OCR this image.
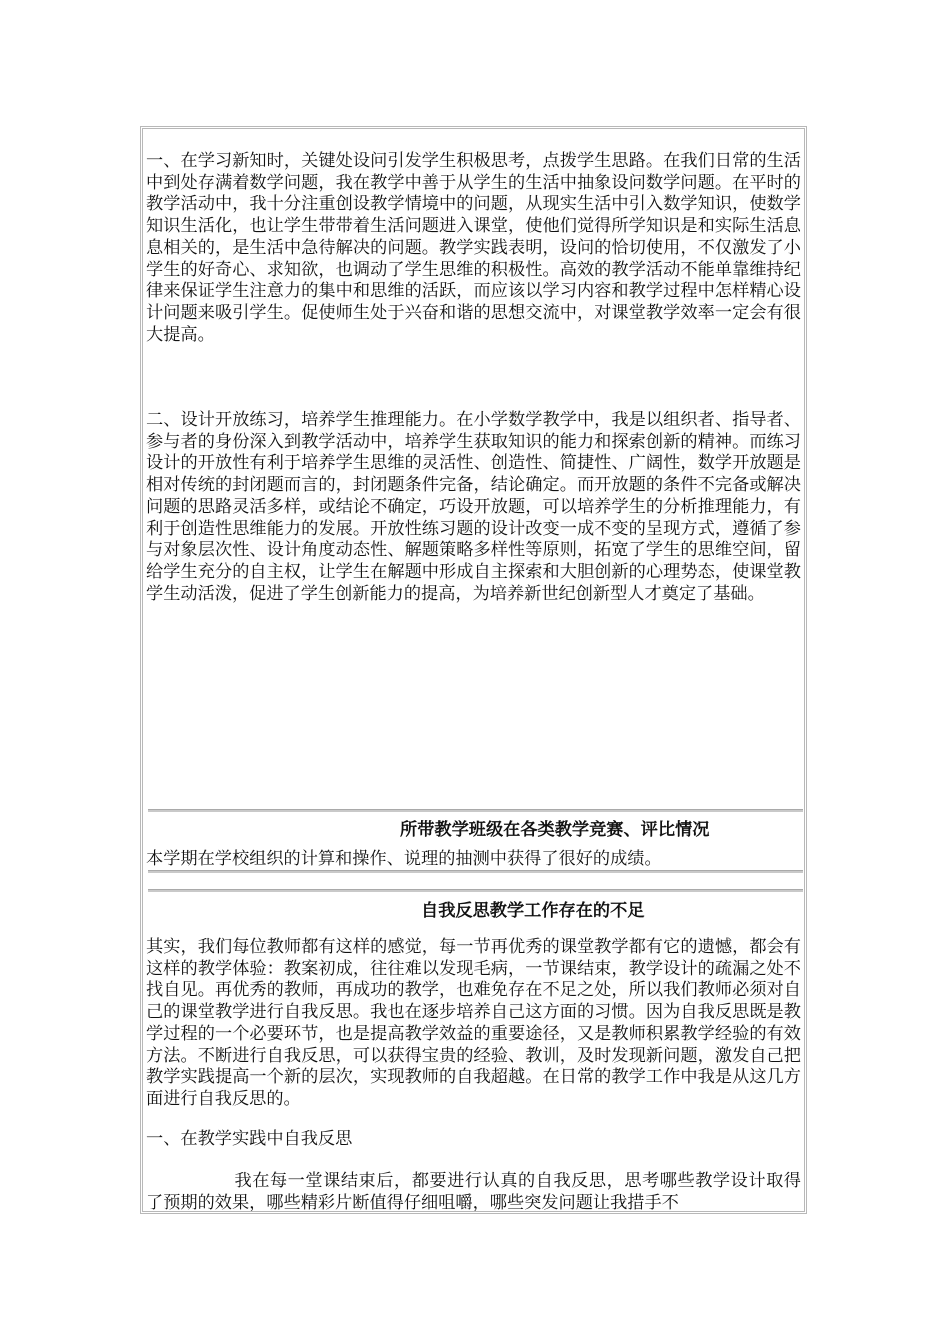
一、在学习新知时，关键处设问引发学生积极思考，点拨学生思路。在我们日常的生活中到处存满着数学问题，我在教学中善于从学生的生活中抽象设问数学问题。在平时的教学活动中，我十分注重创设教学情境中的问题，从现实生活中引入数学知识，使数学知识生活化，也让学生带带着生活问题进入课堂，使他们觉得所学知识是和实际生活息息相关的，是生活中急待解决的问题。教学实践表明，设问的恰切使用，不仅激发了小学生的好奇心、求知欲，也调动了学生思维的积极性。高效的教学活动不能单靠维持纪律来保证学生注意力的集中和思维的活跃，而应该以学习内容和教学过程中怎样精心设计问题来吸引学生。促使师生处于兴奋和谐的思想交流中，对课堂教学效率一定会有很大提高。

二、设计开放练习，培养学生推理能力。在小学数学教学中，我是以组织者、指导者、参与者的身份深入到教学活动中，培养学生获取知识的能力和探索创新的精神。而练习设计的开放性有利于培养学生思维的灵活性、创造性、简捷性、广阔性，数学开放题是相对传统的封闭题而言的，封闭题条件完备，结论确定。而开放题的条件不完备或解决问题的思路灵活多样，或结论不确定，巧设开放题，可以培养学生的分析推理能力，有利于创造性思维能力的发展。开放性练习题的设计改变一成不变的呈现方式，遵循了参与对象层次性、设计角度动态性、解题策略多样性等原则，拓宽了学生的思维空间，留给学生充分的自主权，让学生在解题中形成自主探索和大胆创新的心理势态，使课堂教学生动活泼，促进了学生创新能力的提高，为培养新世纪创新型人才奠定了基础。

所带教学班级在各类教学竞赛、评比情况

本学期在学校组织的计算和操作、说理的抽测中获得了很好的成绩。

自我反思教学工作存在的不足

其实，我们每位教师都有这样的感觉，每一节再优秀的课堂教学都有它的遗憾，都会有这样的教学体验：教案初成，往往难以发现毛病，一节课结束，教学设计的疏漏之处不找自见。再优秀的教师，再成功的教学，也难免存在不足之处，所以我们教师必须对自己的课堂教学进行自我反思。我也在逐步培养自己这方面的习惯。因为自我反思既是教学过程的一个必要环节，也是提高教学效益的重要途径，又是教师积累教学经验的有效方法。不断进行自我反思，可以获得宝贵的经验、教训，及时发现新问题，激发自己把教学实践提高一个新的层次，实现教师的自我超越。在日常的教学工作中我是从这几方面进行自我反思的。

一、在教学实践中自我反思

我在每一堂课结束后，都要进行认真的自我反思，思考哪些教学设计取得了预期的效果，哪些精彩片断值得仔细咀嚼，哪些突发问题让我措手不
